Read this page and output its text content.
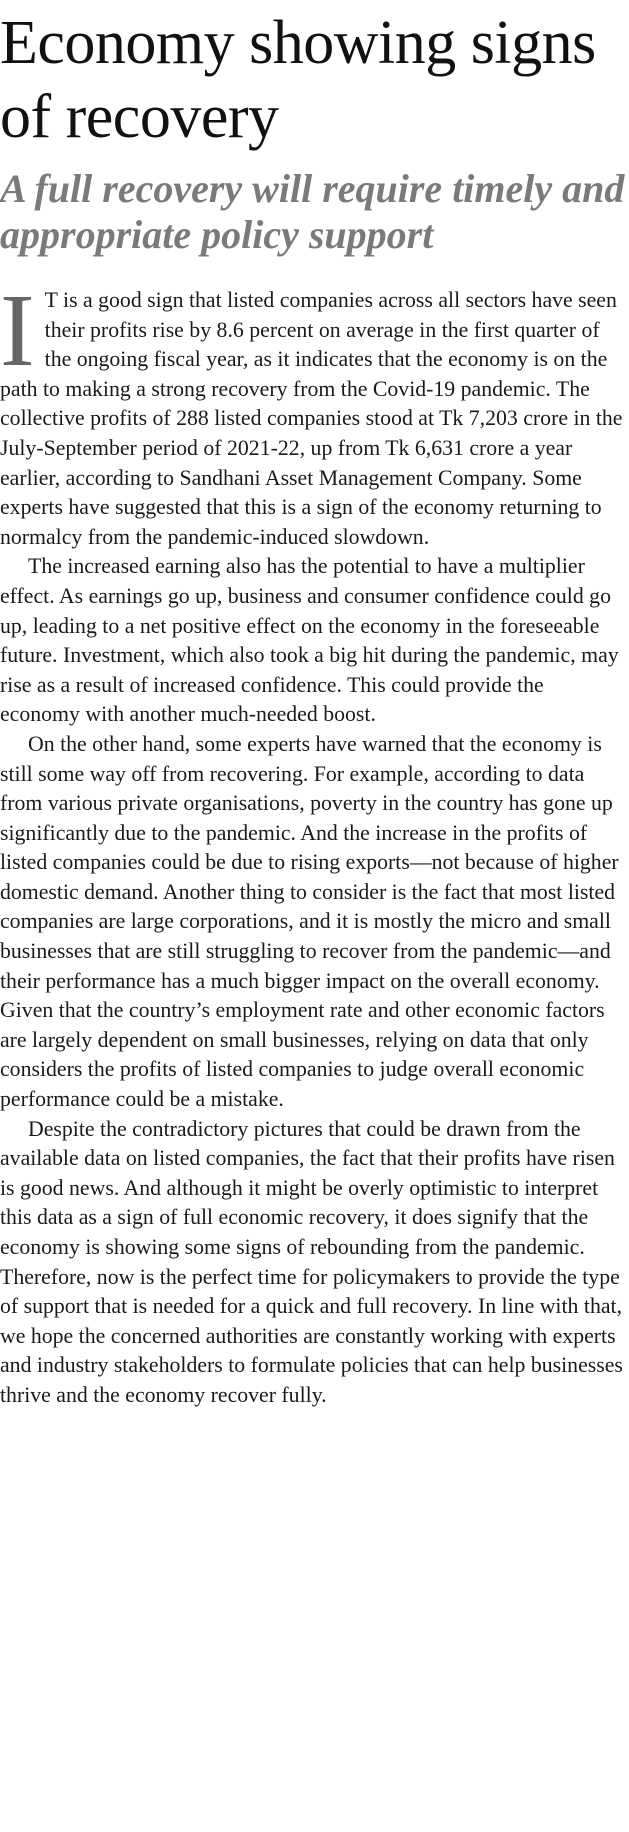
Economy showing signs of recovery
A full recovery will require timely and appropriate policy support

I T is a good sign that listed companies across all sectors have seen their profits rise by 8.6 percent on average in the first quarter of the ongoing fiscal year, as it indicates that the economy is on the path to making a strong recovery from the Covid-19 pandemic. The collective profits of 288 listed companies stood at Tk 7,203 crore in the July-September period of 2021-22, up from Tk 6,631 crore a year earlier, according to Sandhani Asset Management Company. Some experts have suggested that this is a sign of the economy returning to normalcy from the pandemic-induced slowdown.

The increased earning also has the potential to have a multiplier effect. As earnings go up, business and consumer confidence could go up, leading to a net positive effect on the economy in the foreseeable future. Investment, which also took a big hit during the pandemic, may rise as a result of increased confidence. This could provide the economy with another much-needed boost.

On the other hand, some experts have warned that the economy is still some way off from recovering. For example, according to data from various private organisations, poverty in the country has gone up significantly due to the pandemic. And the increase in the profits of listed companies could be due to rising exports—not because of higher domestic demand. Another thing to consider is the fact that most listed companies are large corporations, and it is mostly the micro and small businesses that are still struggling to recover from the pandemic—and their performance has a much bigger impact on the overall economy. Given that the country’s employment rate and other economic factors are largely dependent on small businesses, relying on data that only considers the profits of listed companies to judge overall economic performance could be a mistake.

Despite the contradictory pictures that could be drawn from the available data on listed companies, the fact that their profits have risen is good news. And although it might be overly optimistic to interpret this data as a sign of full economic recovery, it does signify that the economy is showing some signs of rebounding from the pandemic. Therefore, now is the perfect time for policymakers to provide the type of support that is needed for a quick and full recovery. In line with that, we hope the concerned authorities are constantly working with experts and industry stakeholders to formulate policies that can help businesses thrive and the economy recover fully.
